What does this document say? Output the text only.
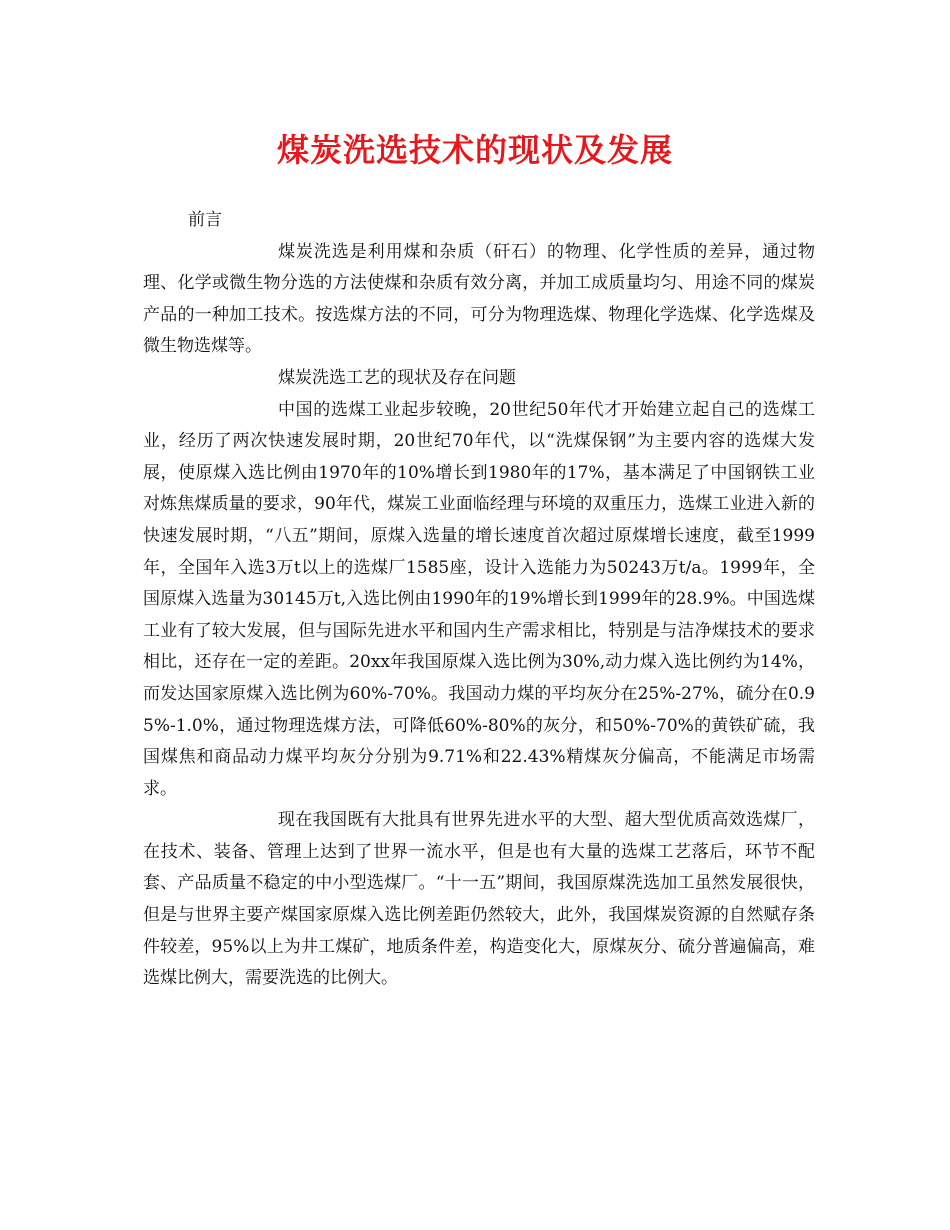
煤炭洗选技术的现状及发展

前言

煤炭洗选是利用煤和杂质（矸石）的物理、化学性质的差异，通过物理、化学或微生物分选的方法使煤和杂质有效分离，并加工成质量均匀、用途不同的煤炭产品的一种加工技术。按选煤方法的不同，可分为物理选煤、物理化学选煤、化学选煤及微生物选煤等。

煤炭洗选工艺的现状及存在问题

中国的选煤工业起步较晚，20世纪50年代才开始建立起自己的选煤工业，经历了两次快速发展时期，20世纪70年代，以“洗煤保钢”为主要内容的选煤大发展，使原煤入选比例由1970年的10%增长到1980年的17%，基本满足了中国钢铁工业对炼焦煤质量的要求，90年代，煤炭工业面临经理与环境的双重压力，选煤工业进入新的快速发展时期，“八五”期间，原煤入选量的增长速度首次超过原煤增长速度，截至1999年，全国年入选3万t以上的选煤厂1585座，设计入选能力为50243万t/a。1999年，全国原煤入选量为30145万t,入选比例由1990年的19%增长到1999年的28.9%。中国选煤工业有了较大发展，但与国际先进水平和国内生产需求相比，特别是与洁净煤技术的要求相比，还存在一定的差距。20xx年我国原煤入选比例为30%,动力煤入选比例约为14%，而发达国家原煤入选比例为60%-70%。我国动力煤的平均灰分在25%-27%，硫分在0.95%-1.0%，通过物理选煤方法，可降低60%-80%的灰分，和50%-70%的黄铁矿硫，我国煤焦和商品动力煤平均灰分分别为9.71%和22.43%精煤灰分偏高，不能满足市场需求。

现在我国既有大批具有世界先进水平的大型、超大型优质高效选煤厂，在技术、装备、管理上达到了世界一流水平，但是也有大量的选煤工艺落后，环节不配套、产品质量不稳定的中小型选煤厂。“十一五”期间，我国原煤洗选加工虽然发展很快，但是与世界主要产煤国家原煤入选比例差距仍然较大，此外，我国煤炭资源的自然赋存条件较差，95%以上为井工煤矿，地质条件差，构造变化大，原煤灰分、硫分普遍偏高，难选煤比例大，需要洗选的比例大。
